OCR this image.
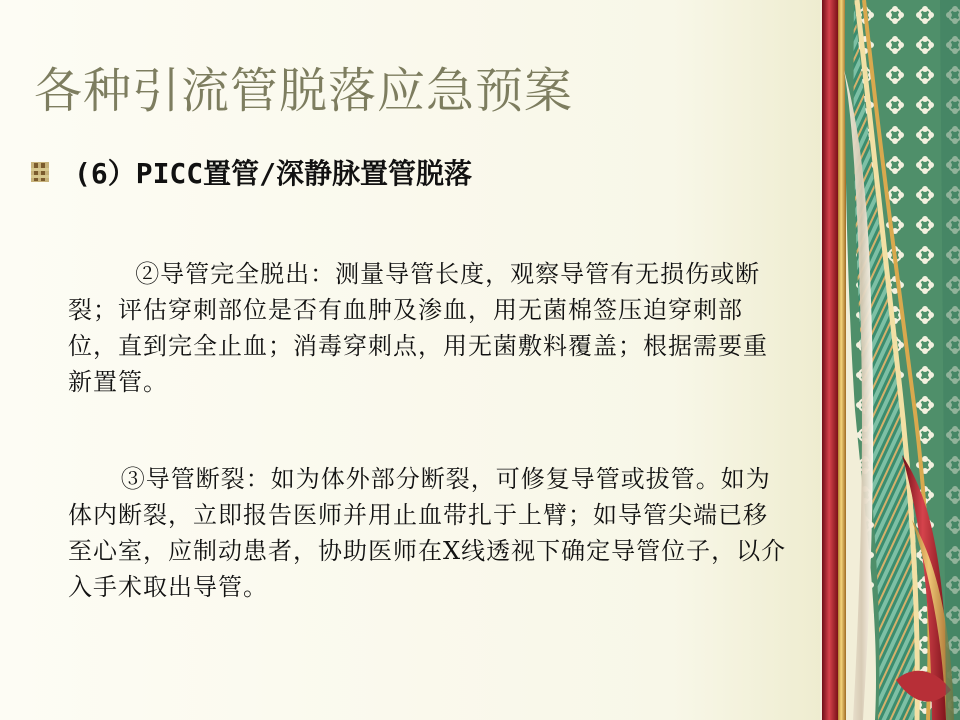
各种引流管脱落应急预案
(6）PICC置管/深静脉置管脱落
②导管完全脱出：测量导管长度，观察导管有无损伤或断裂；评估穿刺部位是否有血肿及渗血，用无菌棉签压迫穿刺部位，直到完全止血；消毒穿刺点，用无菌敷料覆盖；根据需要重新置管。
③导管断裂：如为体外部分断裂，可修复导管或拔管。如为体内断裂，立即报告医师并用止血带扎于上臂；如导管尖端已移至心室，应制动患者，协助医师在X线透视下确定导管位子，以介入手术取出导管。
